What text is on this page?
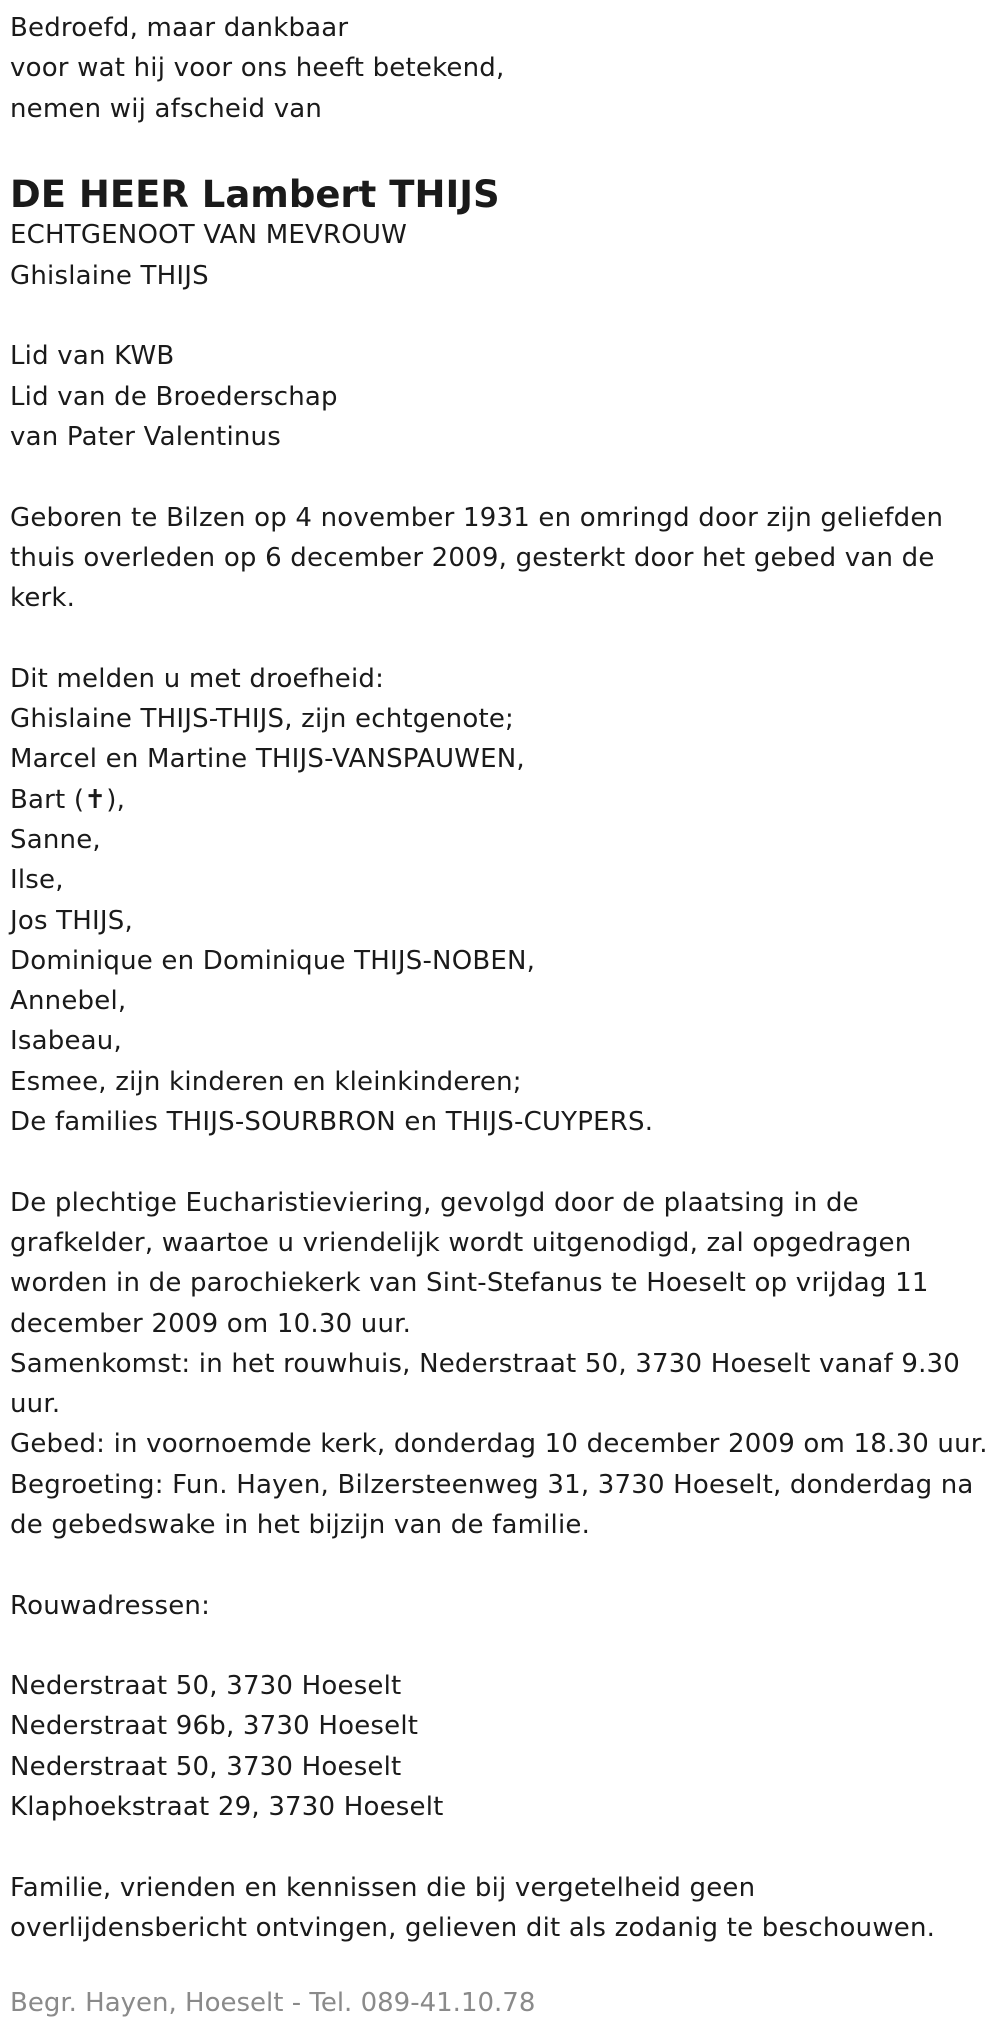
Bedroefd, maar dankbaar
voor wat hij voor ons heeft betekend,
nemen wij afscheid van
DE HEER Lambert THIJS
ECHTGENOOT VAN MEVROUW
Ghislaine THIJS
Lid van KWB
Lid van de Broederschap
van Pater Valentinus
Geboren te Bilzen op 4 november 1931 en omringd door zijn geliefden
thuis overleden op 6 december 2009, gesterkt door het gebed van de
kerk.
Dit melden u met droefheid:
Ghislaine THIJS-THIJS, zijn echtgenote;
Marcel en Martine THIJS-VANSPAUWEN,
Bart (✝),
Sanne,
Ilse,
Jos THIJS,
Dominique en Dominique THIJS-NOBEN,
Annebel,
Isabeau,
Esmee, zijn kinderen en kleinkinderen;
De families THIJS-SOURBRON en THIJS-CUYPERS.
De plechtige Eucharistieviering, gevolgd door de plaatsing in de
grafkelder, waartoe u vriendelijk wordt uitgenodigd, zal opgedragen
worden in de parochiekerk van Sint-Stefanus te Hoeselt op vrijdag 11
december 2009 om 10.30 uur.
Samenkomst: in het rouwhuis, Nederstraat 50, 3730 Hoeselt vanaf 9.30
uur.
Gebed: in voornoemde kerk, donderdag 10 december 2009 om 18.30 uur.
Begroeting: Fun. Hayen, Bilzersteenweg 31, 3730 Hoeselt, donderdag na
de gebedswake in het bijzijn van de familie.
Rouwadressen:
Nederstraat 50, 3730 Hoeselt
Nederstraat 96b, 3730 Hoeselt
Nederstraat 50, 3730 Hoeselt
Klaphoekstraat 29, 3730 Hoeselt
Familie, vrienden en kennissen die bij vergetelheid geen
overlijdensbericht ontvingen, gelieven dit als zodanig te beschouwen.
Begr. Hayen, Hoeselt - Tel. 089-41.10.78
